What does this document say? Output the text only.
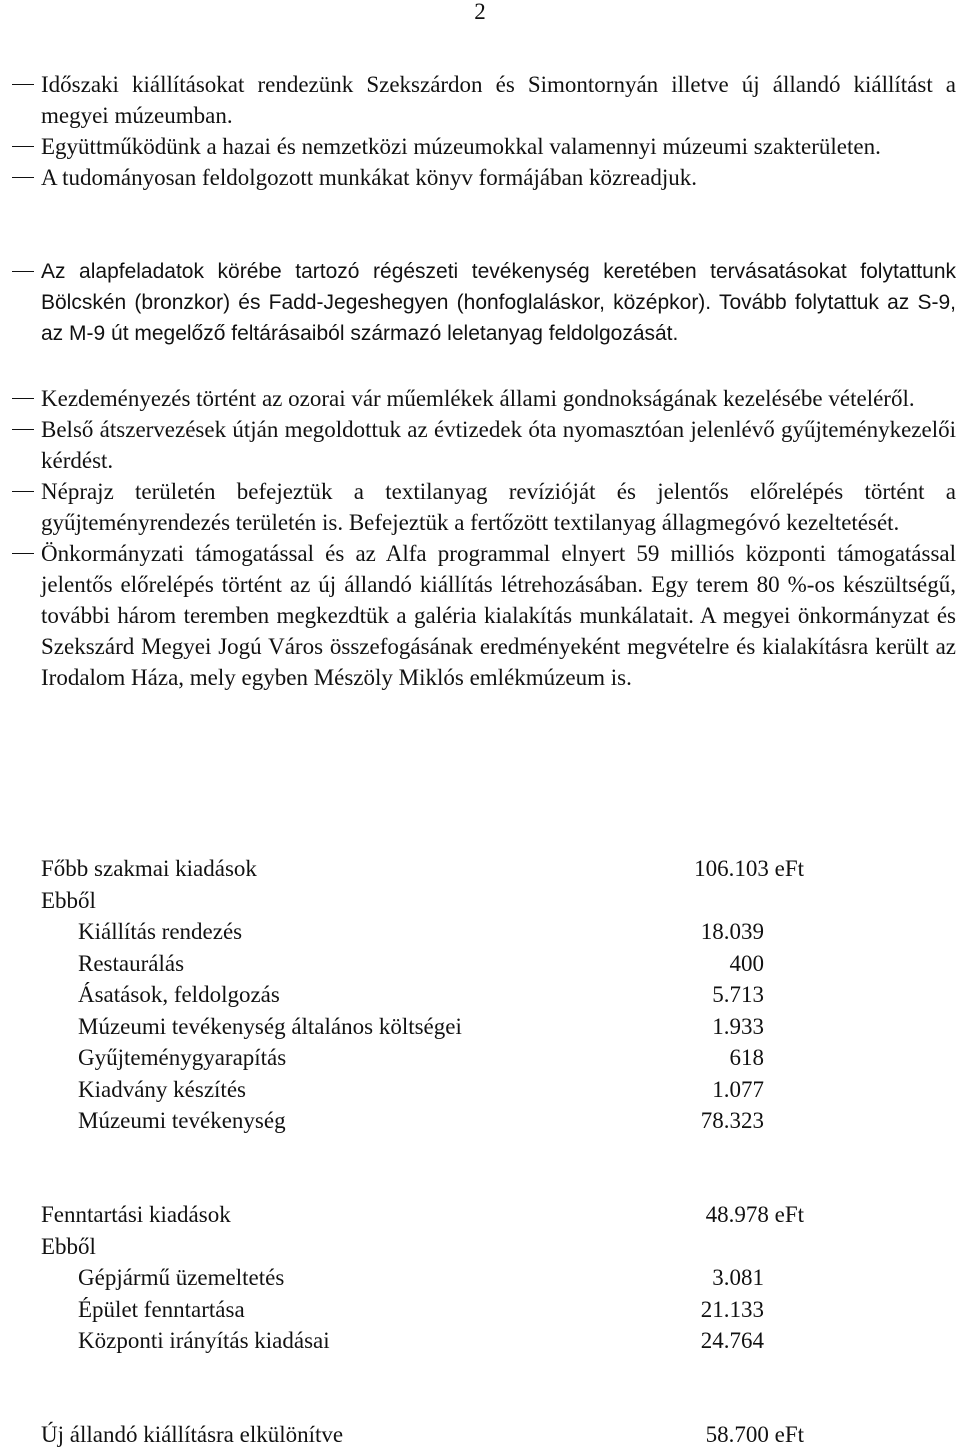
2
Időszaki kiállításokat rendezünk Szekszárdon és Simontornyán illetve új állandó kiállítást a megyei múzeumban.
Együttműködünk a hazai és nemzetközi múzeumokkal valamennyi múzeumi szakterületen.
A tudományosan feldolgozott munkákat könyv formájában közreadjuk.
Az alapfeladatok körébe tartozó régészeti tevékenység keretében tervásatásokat folytattunk Bölcskén (bronzkor) és Fadd-Jegeshegyen (honfoglaláskor, középkor). Tovább folytattuk az S-9, az M-9 út megelőző feltárásaiból származó leletanyag feldolgozását.
Kezdeményezés történt az ozorai vár műemlékek állami gondnokságának kezelésébe vételéről.
Belső átszervezések útján megoldottuk az évtizedek óta nyomasztóan jelenlévő gyűjteménykezelői kérdést.
Néprajz területén befejeztük a textilanyag revízióját és jelentős előrelépés történt a gyűjteményrendezés területén is. Befejeztük a fertőzött textilanyag állagmegóvó kezeltetését.
Önkormányzati támogatással és az Alfa programmal elnyert 59 milliós központi támogatással jelentős előrelépés történt az új állandó kiállítás létrehozásában. Egy terem 80 %-os készültségű, további három teremben megkezdtük a galéria kialakítás munkálatait. A megyei önkormányzat és Szekszárd Megyei Jogú Város összefogásának eredményeként megvételre és kialakításra került az Irodalom Háza, mely egyben Mészöly Miklós emlékmúzeum is.
Főbb szakmai kiadások	106.103 eFt
Ebből
Kiállítás rendezés	18.039
Restaurálás	400
Ásatások, feldolgozás	5.713
Múzeumi tevékenység általános költségei	1.933
Gyűjteménygyarapítás	618
Kiadvány készítés	1.077
Múzeumi tevékenység	78.323
Fenntartási kiadások	48.978 eFt
Ebből
Gépjármű üzemeltetés	3.081
Épület fenntartása	21.133
Központi irányítás kiadásai	24.764
Új állandó kiállításra elkülönítve	58.700 eFt
